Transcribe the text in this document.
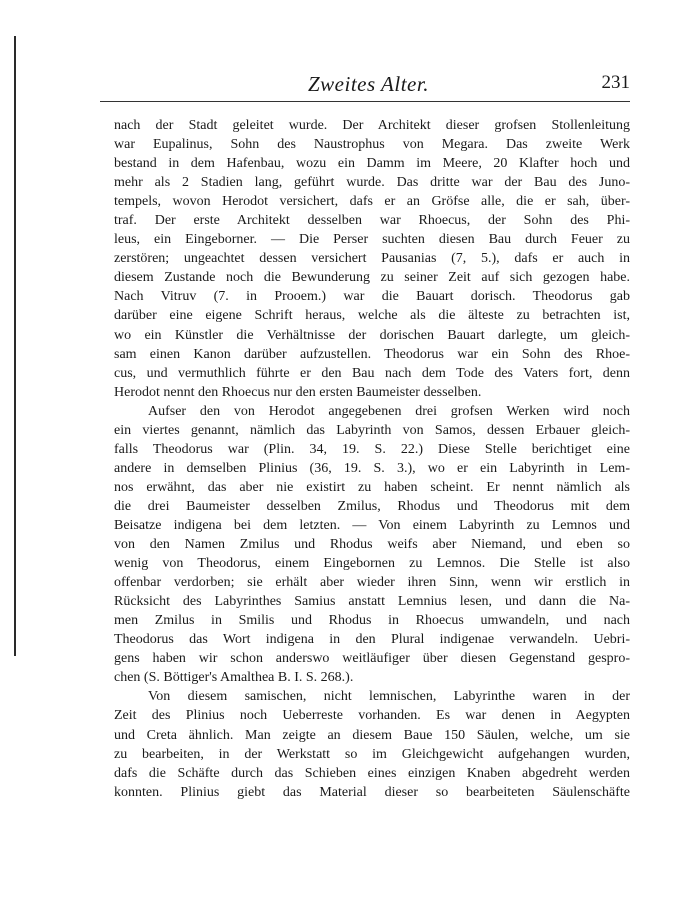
Zweites Alter.	231
nach der Stadt geleitet wurde. Der Architekt dieser grofsen Stollenleitung
war Eupalinus, Sohn des Naustrophus von Megara. Das zweite Werk
bestand in dem Hafenbau, wozu ein Damm im Meere, 20 Klafter hoch und
mehr als 2 Stadien lang, geführt wurde. Das dritte war der Bau des Juno-
tempels, wovon Herodot versichert, dafs er an Gröfse alle, die er sah, über-
traf. Der erste Architekt desselben war Rhoecus, der Sohn des Phi-
leus, ein Eingeborner. — Die Perser suchten diesen Bau durch Feuer zu
zerstören; ungeachtet dessen versichert Pausanias (7, 5.), dafs er auch in
diesem Zustande noch die Bewunderung zu seiner Zeit auf sich gezogen habe.
Nach Vitruv (7. in Prooem.) war die Bauart dorisch. Theodorus gab
darüber eine eigene Schrift heraus, welche als die älteste zu betrachten ist,
wo ein Künstler die Verhältnisse der dorischen Bauart darlegte, um gleich-
sam einen Kanon darüber aufzustellen. Theodorus war ein Sohn des Rhoe-
cus, und vermuthlich führte er den Bau nach dem Tode des Vaters fort, denn
Herodot nennt den Rhoecus nur den ersten Baumeister desselben.
Aufser den von Herodot angegebenen drei grofsen Werken wird noch
ein viertes genannt, nämlich das Labyrinth von Samos, dessen Erbauer gleich-
falls Theodorus war (Plin. 34, 19. S. 22.) Diese Stelle berichtiget eine
andere in demselben Plinius (36, 19. S. 3.), wo er ein Labyrinth in Lem-
nos erwähnt, das aber nie existirt zu haben scheint. Er nennt nämlich als
die drei Baumeister desselben Zmilus, Rhodus und Theodorus mit dem
Beisatze indigena bei dem letzten. — Von einem Labyrinth zu Lemnos und
von den Namen Zmilus und Rhodus weifs aber Niemand, und eben so
wenig von Theodorus, einem Eingebornen zu Lemnos. Die Stelle ist also
offenbar verdorben; sie erhält aber wieder ihren Sinn, wenn wir erstlich in
Rücksicht des Labyrinthes Samius anstatt Lemnius lesen, und dann die Na-
men Zmilus in Smilis und Rhodus in Rhoecus umwandeln, und nach
Theodorus das Wort indigena in den Plural indigenae verwandeln. Uebri-
gens haben wir schon anderswo weitläufiger über diesen Gegenstand gesprо-
chen (S. Böttiger's Amalthea B. I. S. 268.).
Von diesem samischen, nicht lemnischen, Labyrinthe waren in der
Zeit des Plinius noch Ueberreste vorhanden. Es war denen in Aegypten
und Creta ähnlich. Man zeigte an diesem Baue 150 Säulen, welche, um sie
zu bearbeiten, in der Werkstatt so im Gleichgewicht aufgehangen wurden,
dafs die Schäfte durch das Schieben eines einzigen Knaben abgedreht werden
konnten. Plinius giebt das Material dieser so bearbeiteten Säulenschäfte
